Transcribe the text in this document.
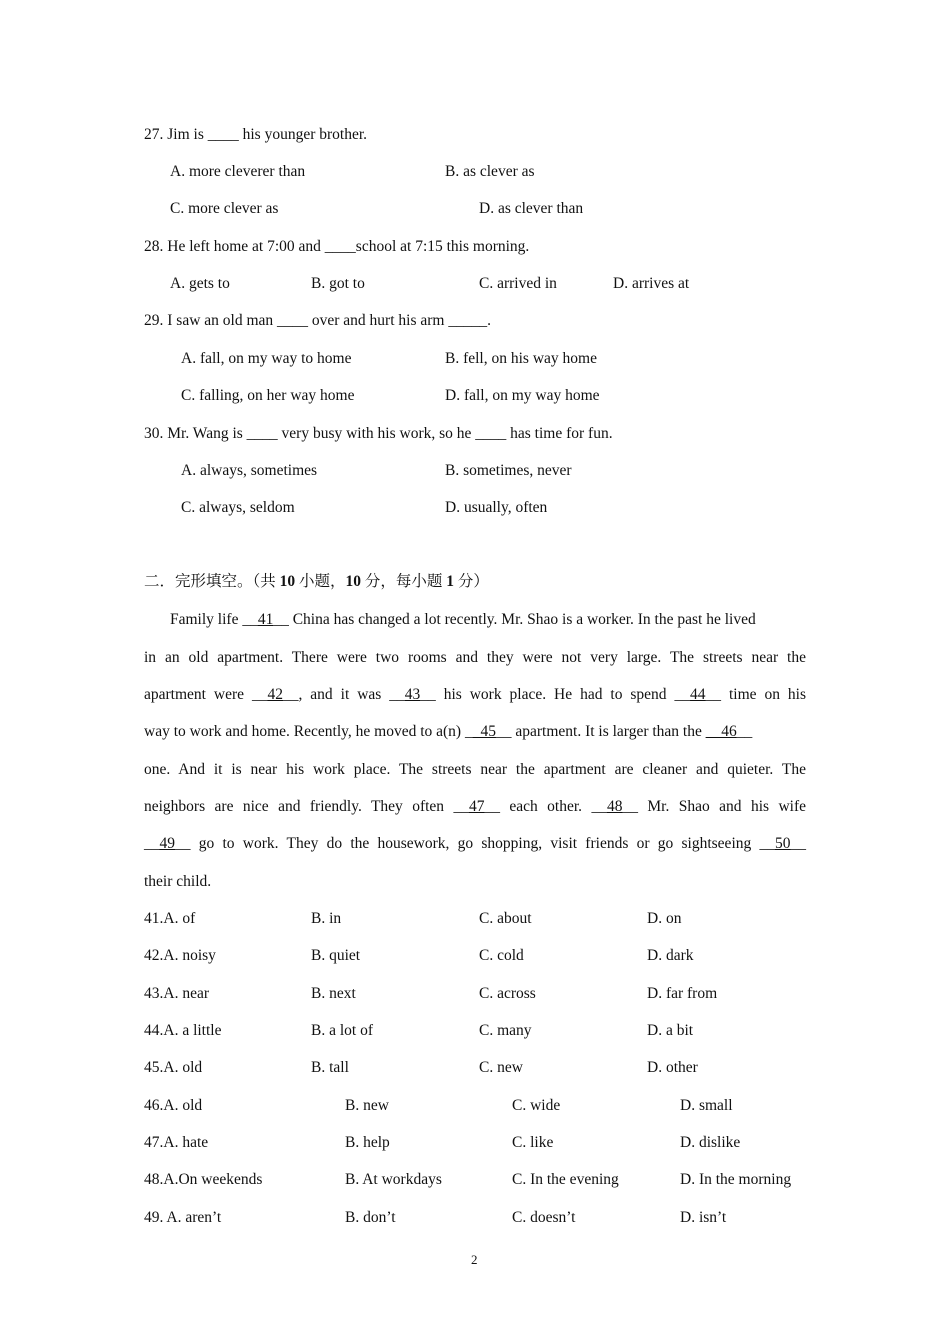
27. Jim is ____ his younger brother.
A. more cleverer than	B. as clever as
C. more clever as	D. as clever than
28. He left home at 7:00 and ____school at 7:15 this morning.
A. gets to	B. got to	C. arrived in	D. arrives at
29. I saw an old man ____ over and hurt his arm _____.
A. fall, on my way to home	B. fell, on his way home
C. falling, on her way home	D. fall, on my way home
30. Mr. Wang is ____ very busy with his work, so he ____ has time for fun.
A. always, sometimes	B. sometimes, never
C. always, seldom	D. usually, often
二．完形填空。（共 10 小题，10 分，每小题 1 分）
Family life __41__ China has changed a lot recently. Mr. Shao is a worker. In the past he lived
in an old apartment. There were two rooms and they were not very large. The streets near the
apartment were __42__, and it was __43__ his work place. He had to spend __44__ time on his
way to work and home. Recently, he moved to a(n) __45__ apartment. It is larger than the __46__
one. And it is near his work place. The streets near the apartment are cleaner and quieter. The
neighbors are nice and friendly. They often __47__ each other. __48__ Mr. Shao and his wife
__49__ go to work. They do the housework, go shopping, visit friends or go sightseeing __50__
their child.
41.A. of	B. in	C. about	D. on
42.A. noisy	B. quiet	C. cold	D. dark
43.A. near	B. next	C. across	D. far from
44.A. a little	B. a lot of	C. many	D. a bit
45.A. old	B. tall	C. new	D. other
46.A. old	B. new	C. wide	D. small
47.A. hate	B. help	C. like	D. dislike
48.A.On weekends	B. At workdays	C. In the evening	D. In the morning
49. A. aren’t	B. don’t	C. doesn’t	D. isn’t
2
